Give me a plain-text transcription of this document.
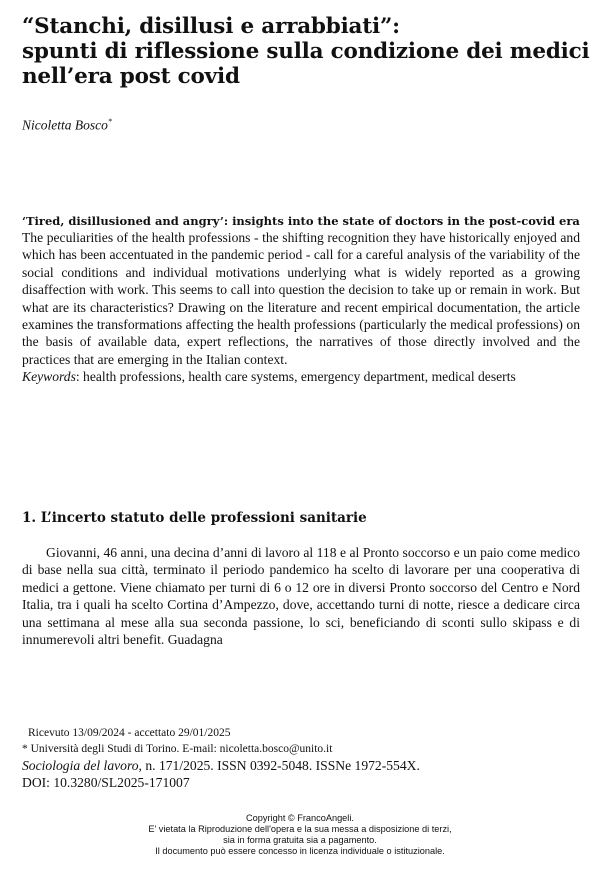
“Stanchi, disillusi e arrabbiati”:
spunti di riflessione sulla condizione dei medici
nell’era post covid
Nicoletta Bosco*
‘Tired, disillusioned and angry’: insights into the state of doctors in the post-covid era
The peculiarities of the health professions - the shifting recognition they have historically enjoyed and which has been accentuated in the pandemic period - call for a careful analysis of the variability of the social conditions and individual motivations underlying what is widely reported as a growing disaffection with work. This seems to call into question the decision to take up or remain in work. But what are its characteristics? Drawing on the literature and recent empirical documentation, the article examines the transformations affecting the health professions (particularly the medical professions) on the basis of available data, expert reflections, the narratives of those directly involved and the practices that are emerging in the Italian context.
Keywords: health professions, health care systems, emergency department, medical deserts
1. L’incerto statuto delle professioni sanitarie
Giovanni, 46 anni, una decina d’anni di lavoro al 118 e al Pronto soccorso e un paio come medico di base nella sua città, terminato il periodo pandemico ha scelto di lavorare per una cooperativa di medici a gettone. Viene chiamato per turni di 6 o 12 ore in diversi Pronto soccorso del Centro e Nord Italia, tra i quali ha scelto Cortina d’Ampezzo, dove, accettando turni di notte, riesce a dedicare circa una settimana al mese alla sua seconda passione, lo sci, beneficiando di sconti sullo skipass e di innumerevoli altri benefit. Guadagna
Ricevuto 13/09/2024 - accettato 29/01/2025
* Università degli Studi di Torino. E-mail: nicoletta.bosco@unito.it
Sociologia del lavoro, n. 171/2025. ISSN 0392-5048. ISSNe 1972-554X.
DOI: 10.3280/SL2025-171007
Copyright © FrancoAngeli.
E' vietata la Riproduzione dell'opera e la sua messa a disposizione di terzi,
sia in forma gratuita sia a pagamento.
Il documento può essere concesso in licenza individuale o istituzionale.
